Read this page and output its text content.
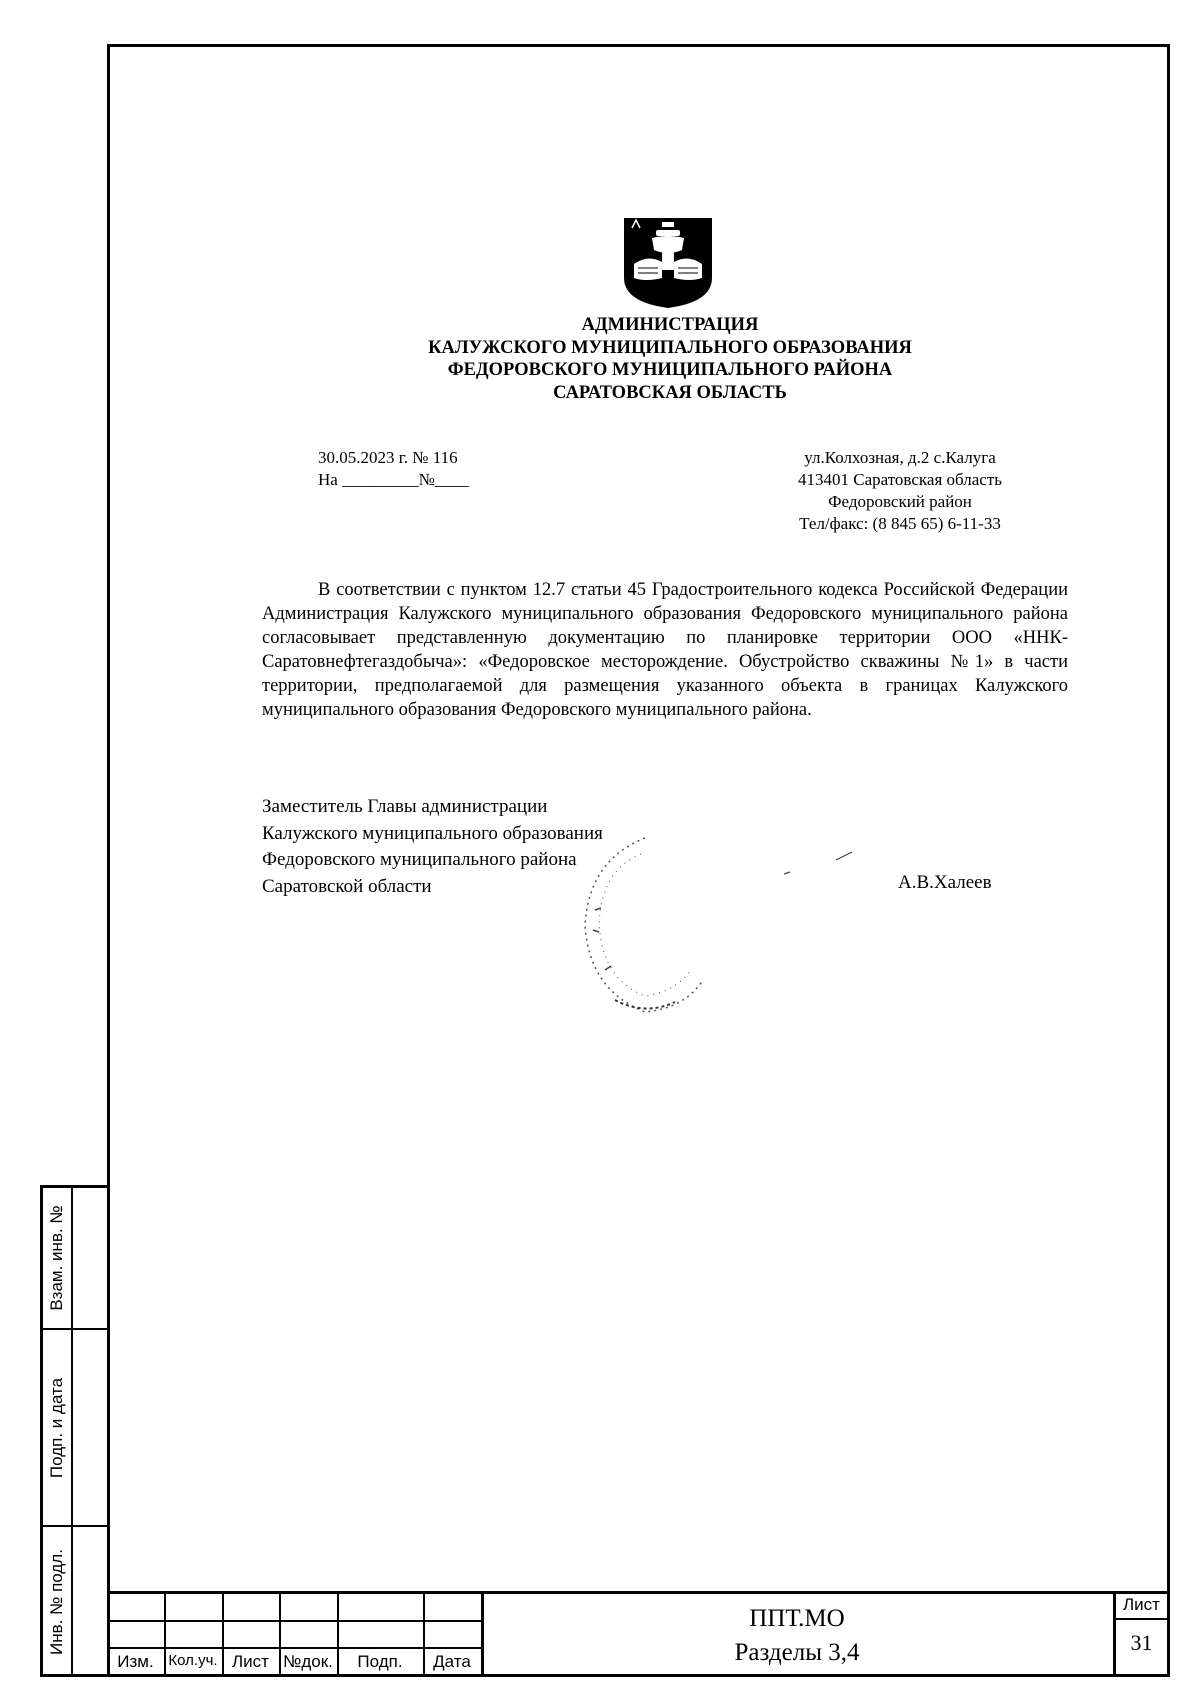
АДМИНИСТРАЦИЯ
КАЛУЖСКОГО МУНИЦИПАЛЬНОГО ОБРАЗОВАНИЯ
ФЕДОРОВСКОГО МУНИЦИПАЛЬНОГО РАЙОНА
САРАТОВСКАЯ ОБЛАСТЬ
30.05.2023 г. № 116
На _________№____
ул.Колхозная, д.2 с.Калуга
413401 Саратовская область
Федоровский район
Тел/факс: (8 845 65) 6-11-33
В соответствии с пунктом 12.7 статьи 45 Градостроительного кодекса Российской Федерации Администрация Калужского муниципального образования Федоровского муниципального района согласовывает представленную документацию по планировке территории ООО «ННК-Саратовнефтегаздобыча»: «Федоровское месторождение. Обустройство скважины №1» в части территории, предполагаемой для размещения указанного объекта в границах Калужского муниципального образования Федоровского муниципального района.
Заместитель Главы администрации
Калужского муниципального образования
Федоровского муниципального района
Саратовской области	А.В.Халеев
Взам. инв. №
Подп. и дата
Инв. № подл.
Изм. Кол.уч. Лист №док.	Подп.	Дата
ППТ.МО
Разделы 3,4
Лист
31
